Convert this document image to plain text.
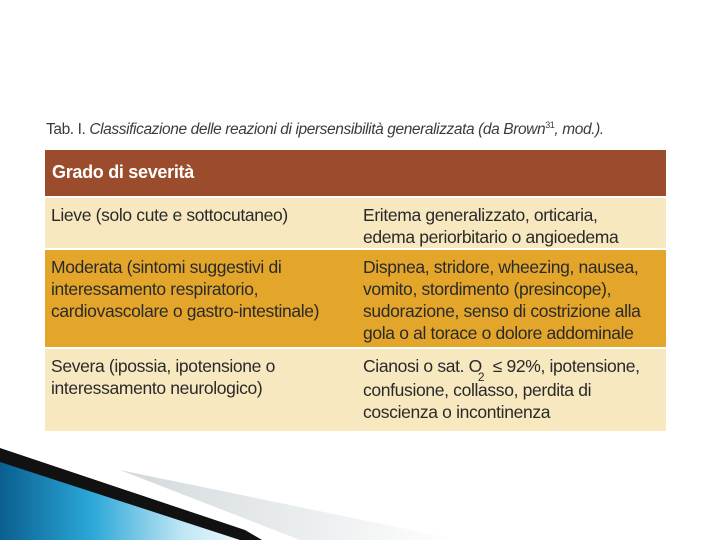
Tab. I. Classificazione delle reazioni di ipersensibilità generalizzata (da Brown$^{31}$, mod.).
Grado di severità
Lieve (solo cute e sottocutaneo)	Eritema generalizzato, orticaria,
edema periorbitario o angioedema
Moderata (sintomi suggestivi di
interessamento respiratorio,
cardiovascolare o gastro-intestinale)
Dispnea, stridore, wheezing, nausea,
vomito, stordimento (presincope),
sudorazione, senso di costrizione alla
gola o al torace o dolore addominale
Severa (ipossia, ipotensione o
interessamento neurologico)
Cianosi o sat. $O_2 \le 92\%$, ipotensione,
confusione, collasso, perdita di
coscienza o incontinenza
